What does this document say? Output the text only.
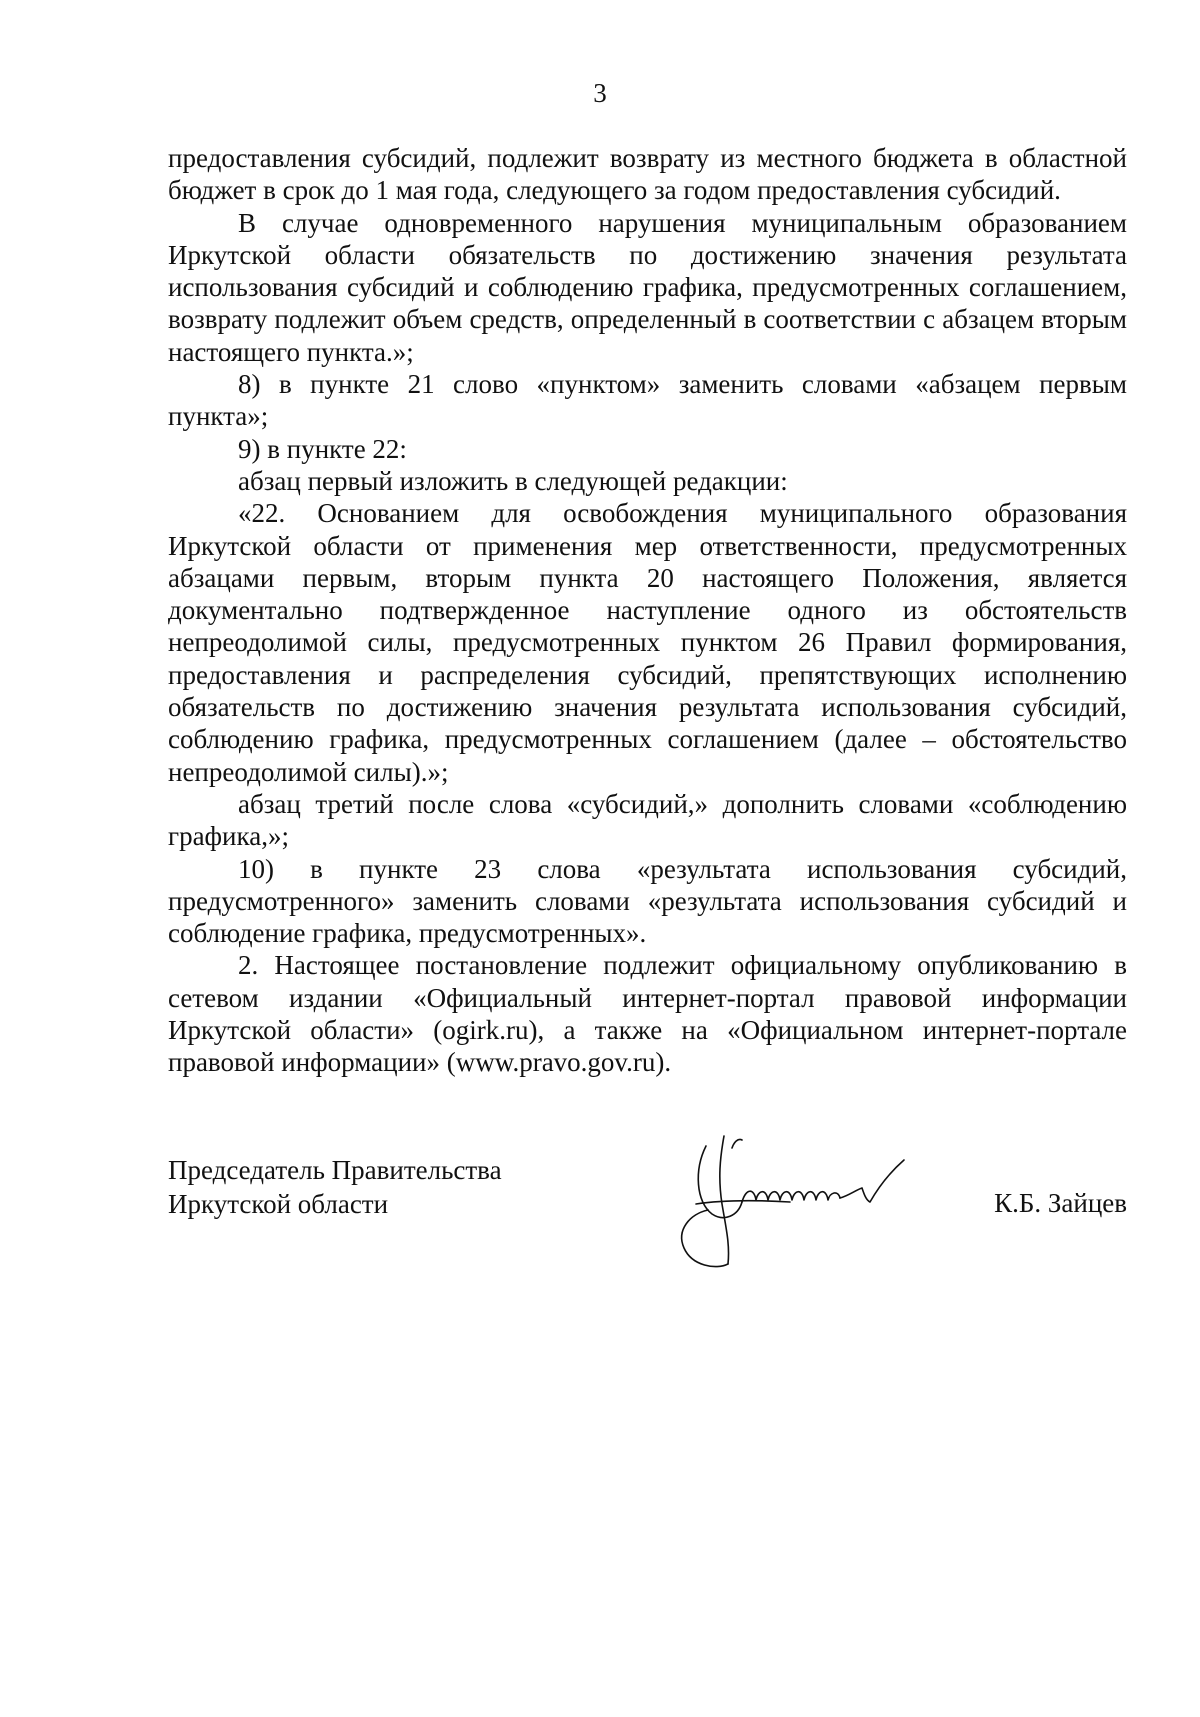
3

предоставления субсидий, подлежит возврату из местного бюджета в областной бюджет в срок до 1 мая года, следующего за годом предоставления субсидий.

В случае одновременного нарушения муниципальным образованием Иркутской области обязательств по достижению значения результата использования субсидий и соблюдению графика, предусмотренных соглашением, возврату подлежит объем средств, определенный в соответствии с абзацем вторым настоящего пункта.»;

8) в пункте 21 слово «пунктом» заменить словами «абзацем первым пункта»;

9) в пункте 22:

абзац первый изложить в следующей редакции:

«22. Основанием для освобождения муниципального образования Иркутской области от применения мер ответственности, предусмотренных абзацами первым, вторым пункта 20 настоящего Положения, является документально подтвержденное наступление одного из обстоятельств непреодолимой силы, предусмотренных пунктом 26 Правил формирования, предоставления и распределения субсидий, препятствующих исполнению обязательств по достижению значения результата использования субсидий, соблюдению графика, предусмотренных соглашением (далее – обстоятельство непреодолимой силы).»;

абзац третий после слова «субсидий,» дополнить словами «соблюдению графика,»;

10) в пункте 23 слова «результата использования субсидий, предусмотренного» заменить словами «результата использования субсидий и соблюдение графика, предусмотренных».

2. Настоящее постановление подлежит официальному опубликованию в сетевом издании «Официальный интернет-портал правовой информации Иркутской области» (ogirk.ru), а также на «Официальном интернет-портале правовой информации» (www.pravo.gov.ru).

Председатель Правительства
Иркутской области	К.Б. Зайцев
